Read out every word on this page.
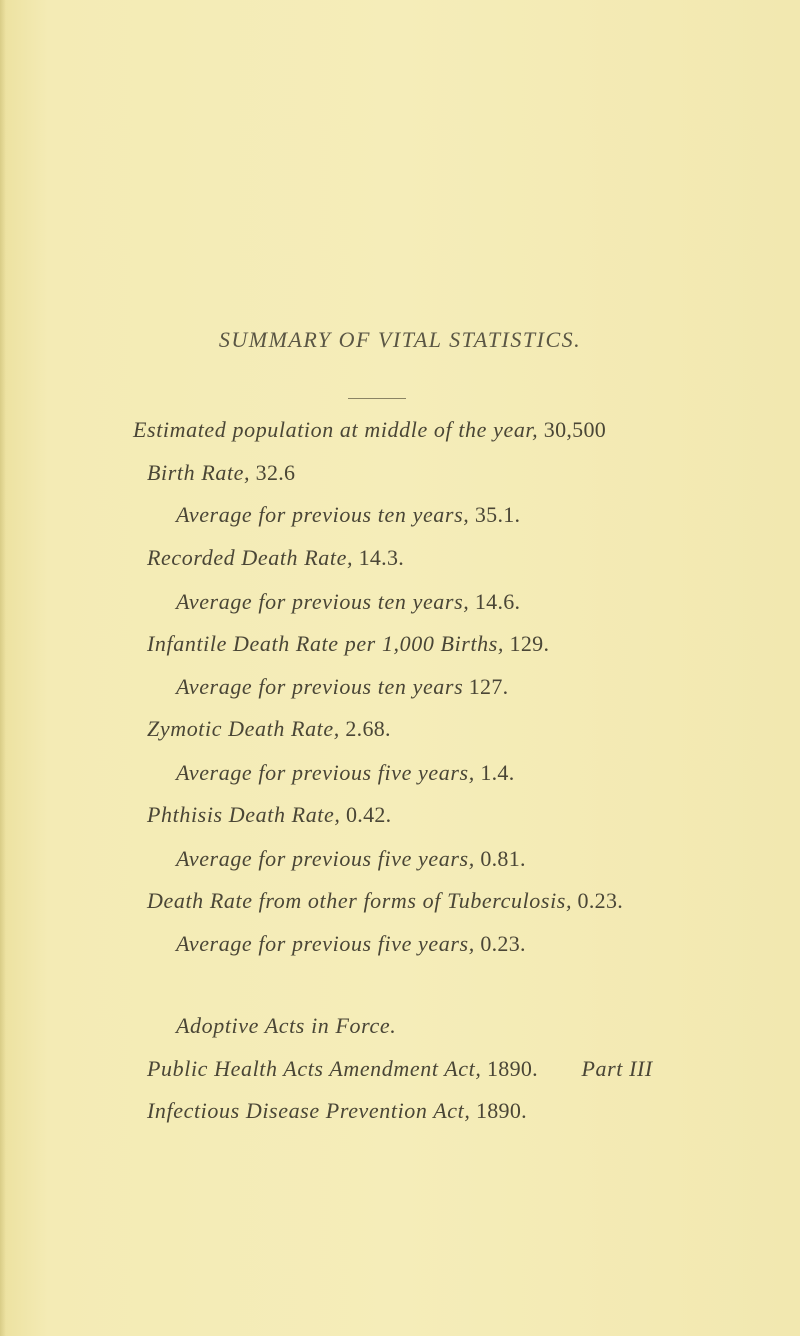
SUMMARY OF VITAL STATISTICS.
Estimated population at middle of the year, 30,500
Birth Rate, 32.6
Average for previous ten years, 35.1.
Recorded Death Rate, 14.3.
Average for previous ten years, 14.6.
Infantile Death Rate per 1,000 Births, 129.
Average for previous ten years 127.
Zymotic Death Rate, 2.68.
Average for previous five years, 1.4.
Phthisis Death Rate, 0.42.
Average for previous five years, 0.81.
Death Rate from other forms of Tuberculosis, 0.23.
Average for previous five years, 0.23.
Adoptive Acts in Force.
Public Health Acts Amendment Act, 1890. Part III
Infectious Disease Prevention Act, 1890.
